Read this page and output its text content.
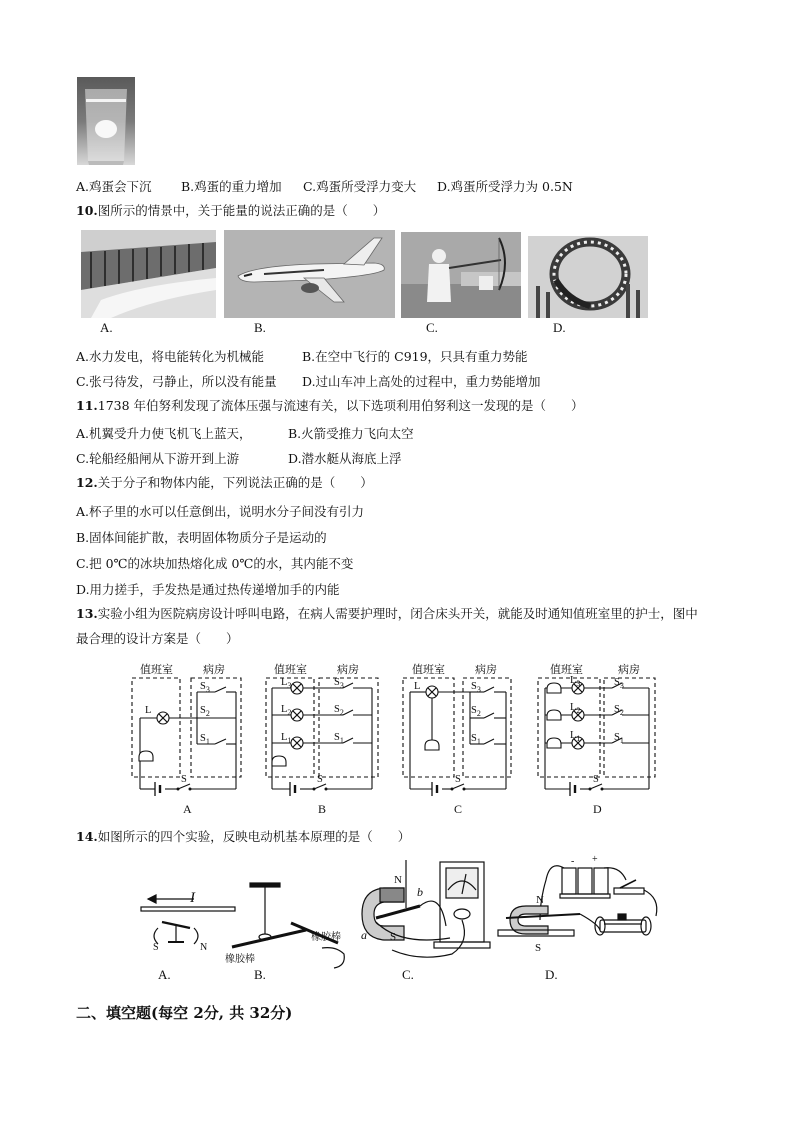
A.鸡蛋会下沉 B.鸡蛋的重力增加 C.鸡蛋所受浮力变大 D.鸡蛋所受浮力为 0.5N
10.图所示的情景中，关于能量的说法正确的是（　　）
A.	B.	C.	D.
A.水力发电，将电能转化为机械能	B.在空中飞行的 C919，只具有重力势能
C.张弓待发，弓静止，所以没有能量 D.过山车冲上高处的过程中，重力势能增加
11.1738 年伯努利发现了流体压强与流速有关，以下选项利用伯努利这一发现的是（　　）
A.机翼受升力使飞机飞上蓝天，	B.火箭受推力飞向太空
C.轮船经船闸从下游开到上游	D.潜水艇从海底上浮
12.关于分子和物体内能，下列说法正确的是（　　）
A.杯子里的水可以任意倒出，说明水分子间没有引力
B.固体间能扩散，表明固体物质分子是运动的
C.把 0℃的冰块加热熔化成 0℃的水，其内能不变
D.用力搓手，手发热是通过热传递增加手的内能
13.实验小组为医院病房设计呼叫电路，在病人需要护理时，闭合床头开关，就能及时通知值班室里的护士，图中
最合理的设计方案是（　　）
值班室	病房	值班室	病房	值班室	病房	值班室	病房
L
$S_3$
$S_2$
$S_1$
S
$L_3$
$L_2$
$L_1$
$S_3$
$S_2$
$S_1$
S
L	$S_3$
$S_2$
$S_1$
S
$L_3$
$L_2$
$L_1$
$S_3$
$S_2$
$S_1$
S
A	B	C	D
14.如图所示的四个实验，反映电动机基本原理的是（　　）
I
S	N
A.
橡胶棒
橡胶棒
B.
N
b
a S
C.
- +
N
S
D.
二、填空题(每空 2分, 共 32分)
